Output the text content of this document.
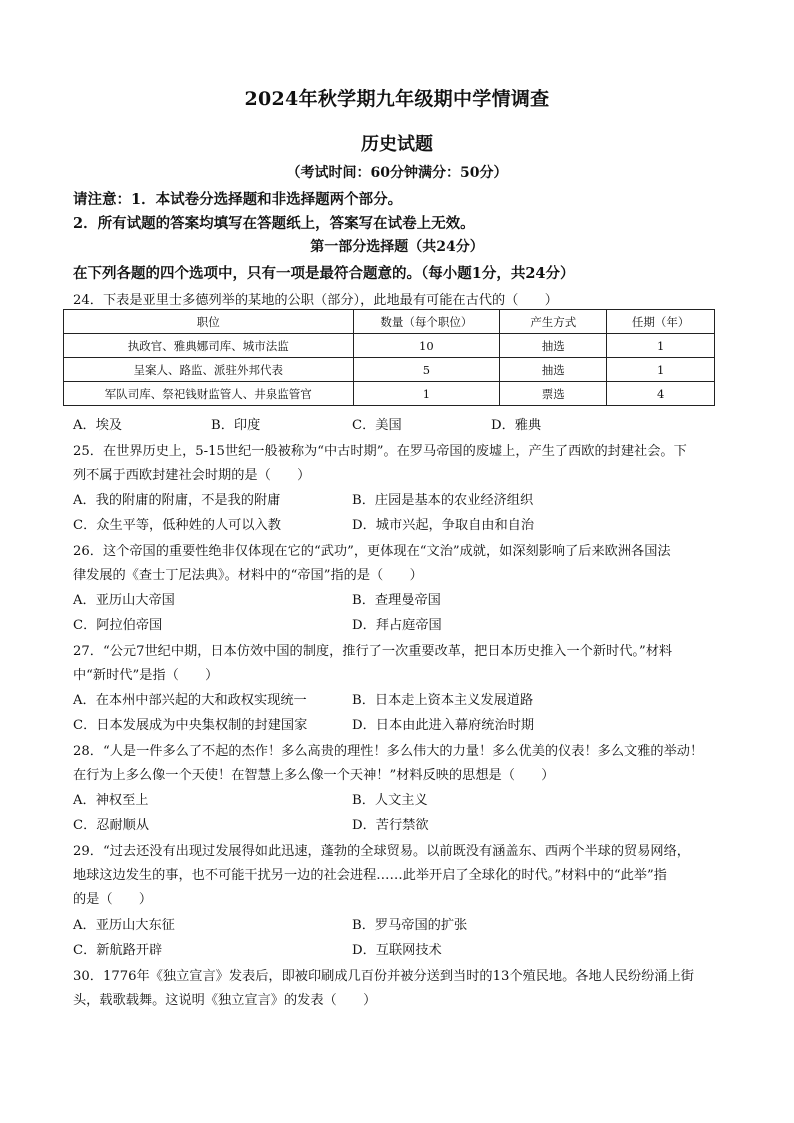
2024年秋学期九年级期中学情调查
历史试题
（考试时间：60分钟满分：50分）
请注意：1．本试卷分选择题和非选择题两个部分。
2．所有试题的答案均填写在答题纸上，答案写在试卷上无效。
第一部分选择题（共24分）
在下列各题的四个选项中，只有一项是最符合题意的。（每小题1分，共24分）
24．下表是亚里士多德列举的某地的公职（部分），此地最有可能在古代的（　　）
职位	数量（每个职位）	产生方式	任期（年）
执政官、雅典娜司库、城市法监	10	抽选	1
呈案人、路监、派驻外邦代表	5	抽选	1
军队司库、祭祀钱财监管人、井泉监管官	1	票选	4
A．埃及	B．印度	C．美国	D．雅典
25．在世界历史上，5-15世纪一般被称为“中古时期”。在罗马帝国的废墟上，产生了西欧的封建社会。下
列不属于西欧封建社会时期的是（　　）
A．我的附庸的附庸，不是我的附庸	B．庄园是基本的农业经济组织
C．众生平等，低种姓的人可以入教	D．城市兴起，争取自由和自治
26．这个帝国的重要性绝非仅体现在它的“武功”，更体现在“文治”成就，如深刻影响了后来欧洲各国法
律发展的《查士丁尼法典》。材料中的“帝国”指的是（　　）
A．亚历山大帝国	B．查理曼帝国
C．阿拉伯帝国	D．拜占庭帝国
27．“公元7世纪中期，日本仿效中国的制度，推行了一次重要改革，把日本历史推入一个新时代。”材料
中“新时代”是指（　　）
A．在本州中部兴起的大和政权实现统一	B．日本走上资本主义发展道路
C．日本发展成为中央集权制的封建国家	D．日本由此进入幕府统治时期
28．“人是一件多么了不起的杰作！多么高贵的理性！多么伟大的力量！多么优美的仪表！多么文雅的举动！
在行为上多么像一个天使！在智慧上多么像一个天神！”材料反映的思想是（　　）
A．神权至上	B．人文主义
C．忍耐顺从	D．苦行禁欲
29．“过去还没有出现过发展得如此迅速，蓬勃的全球贸易。以前既没有涵盖东、西两个半球的贸易网络，
地球这边发生的事，也不可能干扰另一边的社会进程……此举开启了全球化的时代。”材料中的“此举”指
的是（　　）
A．亚历山大东征	B．罗马帝国的扩张
C．新航路开辟	D．互联网技术
30．1776年《独立宣言》发表后，即被印刷成几百份并被分送到当时的13个殖民地。各地人民纷纷涌上街
头，载歌载舞。这说明《独立宣言》的发表（　　）
